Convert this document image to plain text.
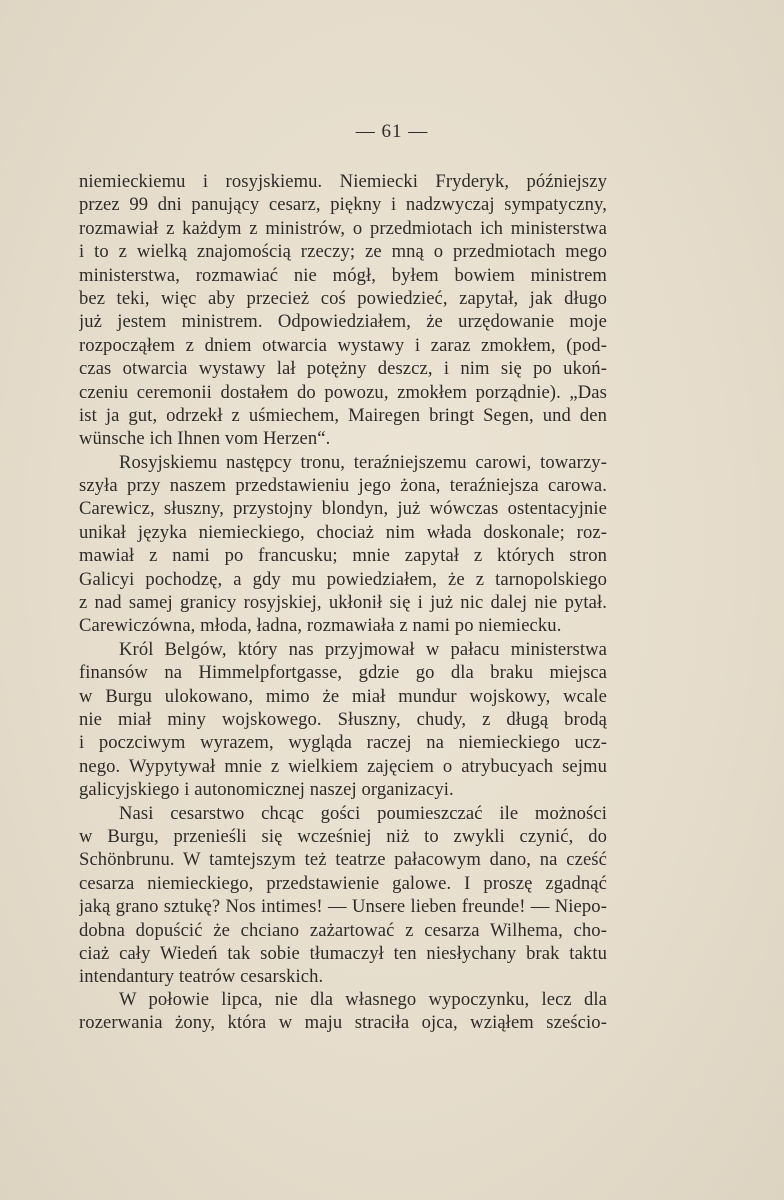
— 61 —
niemieckiemu i rosyjskiemu. Niemiecki Fryderyk, późniejszy
przez 99 dni panujący cesarz, piękny i nadzwyczaj sympatyczny,
rozmawiał z każdym z ministrów, o przedmiotach ich ministerstwa
i to z wielką znajomością rzeczy; ze mną o przedmiotach mego
ministerstwa, rozmawiać nie mógł, byłem bowiem ministrem
bez teki, więc aby przecież coś powiedzieć, zapytał, jak długo
już jestem ministrem. Odpowiedziałem, że urzędowanie moje
rozpocząłem z dniem otwarcia wystawy i zaraz zmokłem, (pod-
czas otwarcia wystawy lał potężny deszcz, i nim się po ukoń-
czeniu ceremonii dostałem do powozu, zmokłem porządnie). „Das
ist ja gut, odrzekł z uśmiechem, Mairegen bringt Segen, und den
wünsche ich Ihnen vom Herzen“.
Rosyjskiemu następcy tronu, teraźniejszemu carowi, towarzy-
szyła przy naszem przedstawieniu jego żona, teraźniejsza carowa.
Carewicz, słuszny, przystojny blondyn, już wówczas ostentacyjnie
unikał języka niemieckiego, chociaż nim włada doskonale; roz-
mawiał z nami po francusku; mnie zapytał z których stron
Galicyi pochodzę, a gdy mu powiedziałem, że z tarnopolskiego
z nad samej granicy rosyjskiej, ukłonił się i już nic dalej nie pytał.
Carewiczówna, młoda, ładna, rozmawiała z nami po niemiecku.
Król Belgów, który nas przyjmował w pałacu ministerstwa
finansów na Himmelpfortgasse, gdzie go dla braku miejsca
w Burgu ulokowano, mimo że miał mundur wojskowy, wcale
nie miał miny wojskowego. Słuszny, chudy, z długą brodą
i poczciwym wyrazem, wygląda raczej na niemieckiego ucz-
nego. Wypytywał mnie z wielkiem zajęciem o atrybucyach sejmu
galicyjskiego i autonomicznej naszej organizacyi.
Nasi cesarstwo chcąc gości poumieszczać ile możności
w Burgu, przenieśli się wcześniej niż to zwykli czynić, do
Schönbrunu. W tamtejszym też teatrze pałacowym dano, na cześć
cesarza niemieckiego, przedstawienie galowe. I proszę zgadnąć
jaką grano sztukę? Nos intimes! — Unsere lieben freunde! — Niepo-
dobna dopuścić że chciano zażartować z cesarza Wilhema, cho-
ciaż cały Wiedeń tak sobie tłumaczył ten niesłychany brak taktu
intendantury teatrów cesarskich.
W połowie lipca, nie dla własnego wypoczynku, lecz dla
rozerwania żony, która w maju straciła ojca, wziąłem sześcio-
